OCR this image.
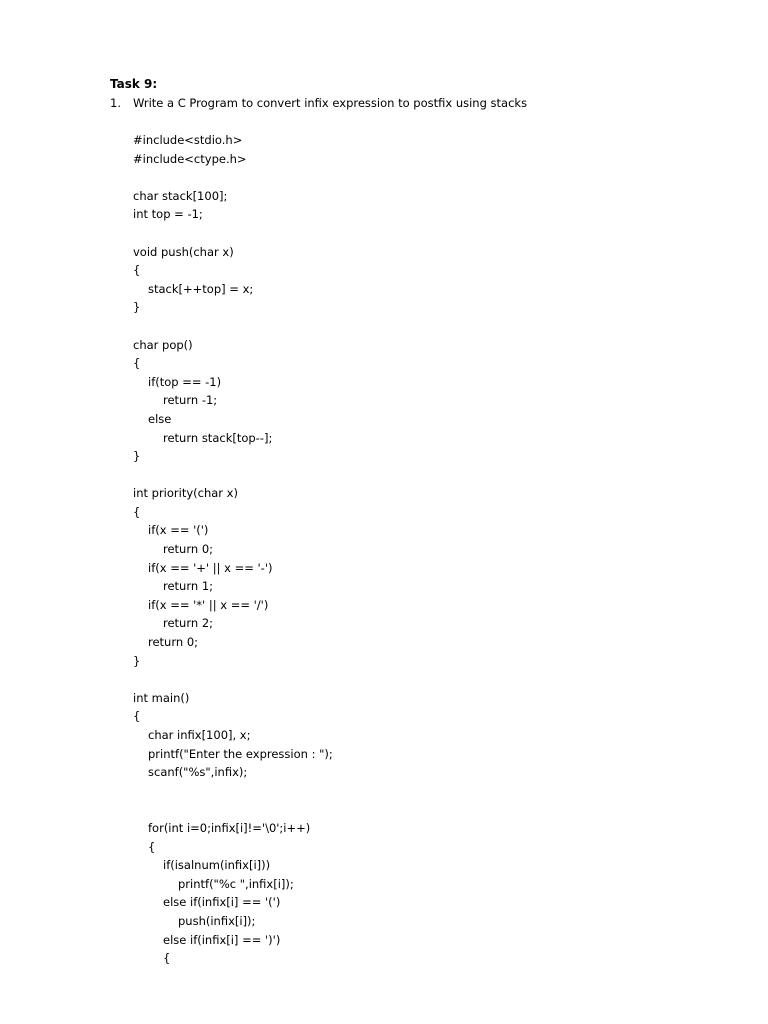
Task 9:
1. Write a C Program to convert infix expression to postfix using stacks
#include<stdio.h>
#include<ctype.h>
char stack[100];
int top = -1;
void push(char x)
{
stack[++top] = x;
}
char pop()
{
if(top == -1)
return -1;
else
return stack[top--];
}
int priority(char x)
{
if(x == '(')
return 0;
if(x == '+' || x == '-')
return 1;
if(x == '*' || x == '/')
return 2;
return 0;
}
int main()
{
char infix[100], x;
printf("Enter the expression : ");
scanf("%s",infix);
for(int i=0;infix[i]!='\0';i++)
{
if(isalnum(infix[i]))
printf("%c ",infix[i]);
else if(infix[i] == '(')
push(infix[i]);
else if(infix[i] == ')')
{
